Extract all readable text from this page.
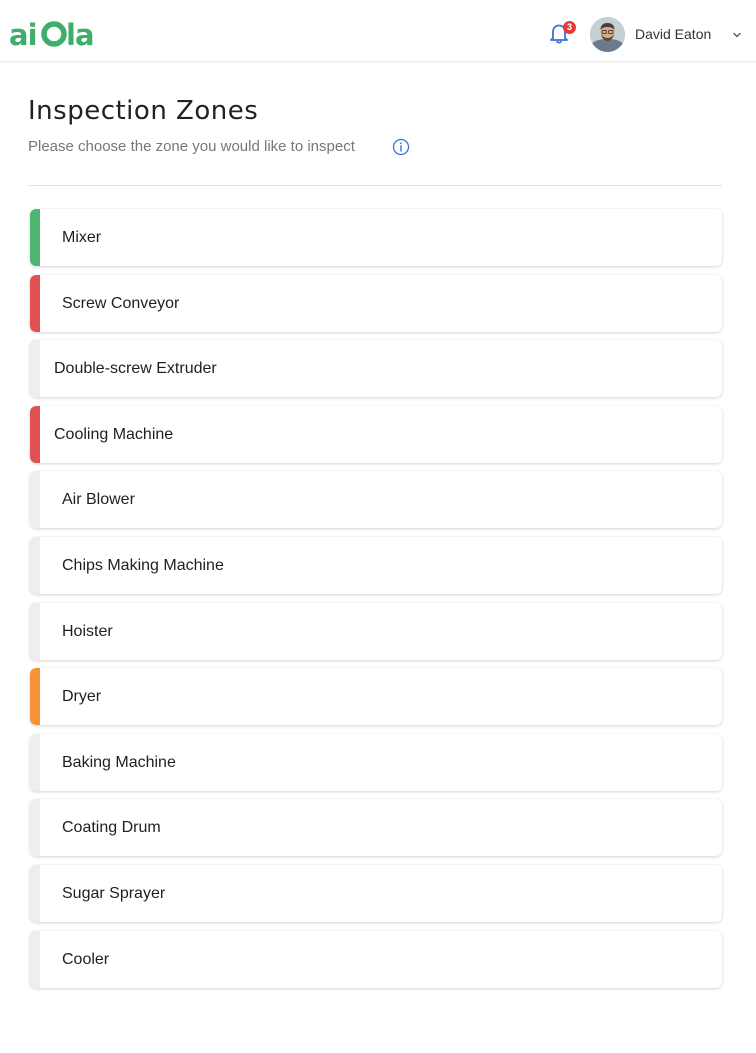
ai la	3	David Eaton
Inspection Zones
Please choose the zone you would like to inspect
Mixer
Screw Conveyor
Double-screw Extruder
Cooling Machine
Air Blower
Chips Making Machine
Hoister
Dryer
Baking Machine
Coating Drum
Sugar Sprayer
Cooler
